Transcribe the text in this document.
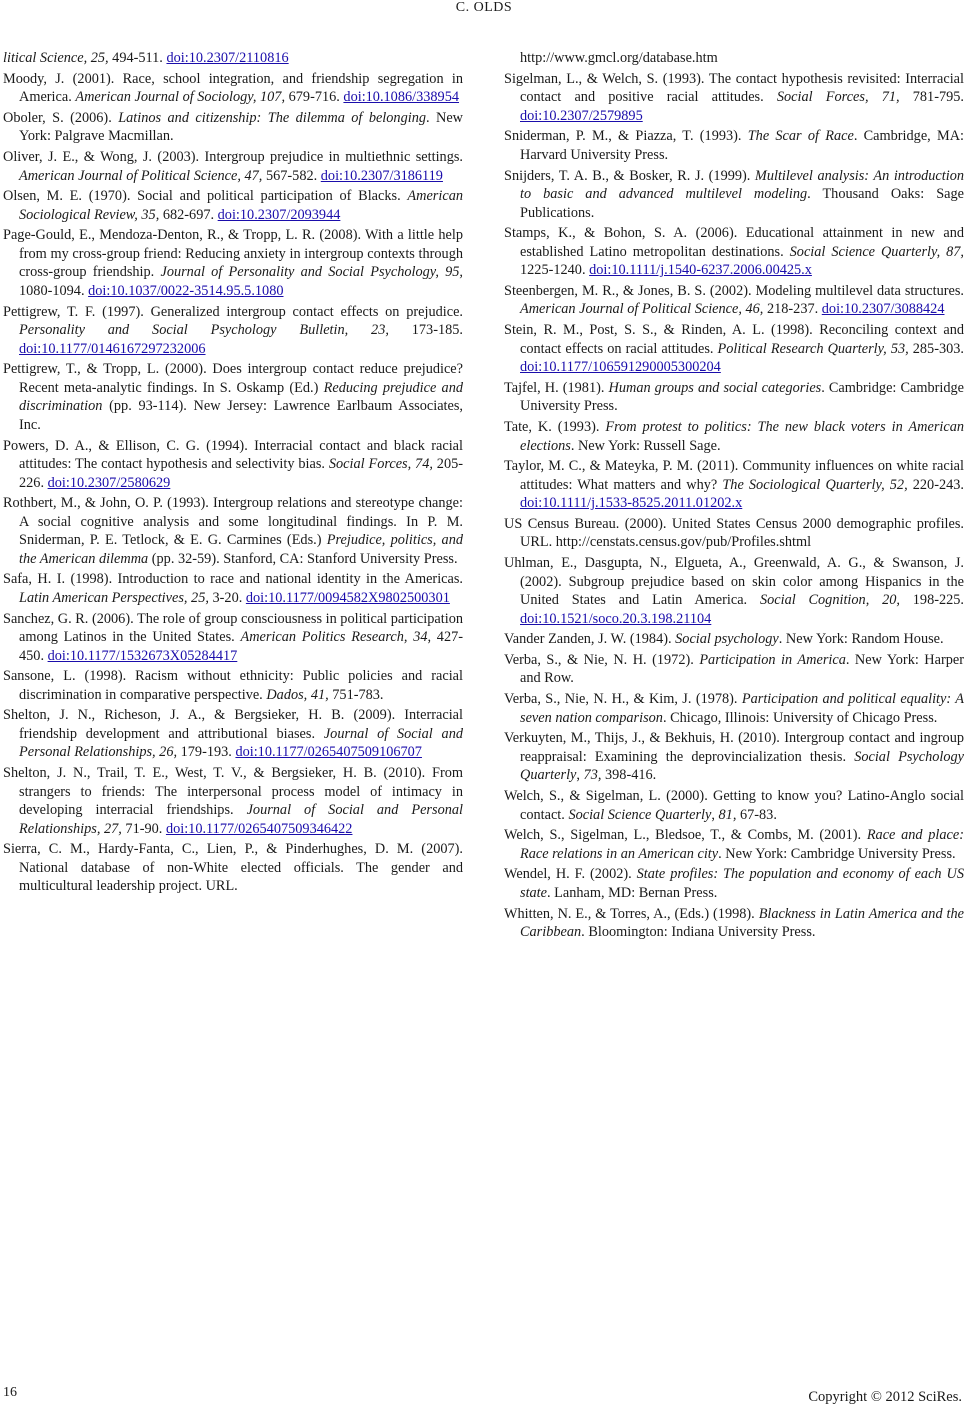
C. OLDS
litical Science, 25, 494-511. doi:10.2307/2110816
Moody, J. (2001). Race, school integration, and friendship segregation in America. American Journal of Sociology, 107, 679-716. doi:10.1086/338954
Oboler, S. (2006). Latinos and citizenship: The dilemma of belonging. New York: Palgrave Macmillan.
Oliver, J. E., & Wong, J. (2003). Intergroup prejudice in multiethnic settings. American Journal of Political Science, 47, 567-582. doi:10.2307/3186119
Olsen, M. E. (1970). Social and political participation of Blacks. American Sociological Review, 35, 682-697. doi:10.2307/2093944
Page-Gould, E., Mendoza-Denton, R., & Tropp, L. R. (2008). With a little help from my cross-group friend: Reducing anxiety in intergroup contexts through cross-group friendship. Journal of Personality and Social Psychology, 95, 1080-1094. doi:10.1037/0022-3514.95.5.1080
Pettigrew, T. F. (1997). Generalized intergroup contact effects on prejudice. Personality and Social Psychology Bulletin, 23, 173-185. doi:10.1177/0146167297232006
Pettigrew, T., & Tropp, L. (2000). Does intergroup contact reduce prejudice? Recent meta-analytic findings. In S. Oskamp (Ed.) Reducing prejudice and discrimination (pp. 93-114). New Jersey: Lawrence Earlbaum Associates, Inc.
Powers, D. A., & Ellison, C. G. (1994). Interracial contact and black racial attitudes: The contact hypothesis and selectivity bias. Social Forces, 74, 205-226. doi:10.2307/2580629
Rothbert, M., & John, O. P. (1993). Intergroup relations and stereotype change: A social cognitive analysis and some longitudinal findings. In P. M. Sniderman, P. E. Tetlock, & E. G. Carmines (Eds.) Prejudice, politics, and the American dilemma (pp. 32-59). Stanford, CA: Stanford University Press.
Safa, H. I. (1998). Introduction to race and national identity in the Americas. Latin American Perspectives, 25, 3-20. doi:10.1177/0094582X9802500301
Sanchez, G. R. (2006). The role of group consciousness in political participation among Latinos in the United States. American Politics Research, 34, 427-450. doi:10.1177/1532673X05284417
Sansone, L. (1998). Racism without ethnicity: Public policies and racial discrimination in comparative perspective. Dados, 41, 751-783.
Shelton, J. N., Richeson, J. A., & Bergsieker, H. B. (2009). Interracial friendship development and attributional biases. Journal of Social and Personal Relationships, 26, 179-193. doi:10.1177/0265407509106707
Shelton, J. N., Trail, T. E., West, T. V., & Bergsieker, H. B. (2010). From strangers to friends: The interpersonal process model of intimacy in developing interracial friendships. Journal of Social and Personal Relationships, 27, 71-90. doi:10.1177/0265407509346422
Sierra, C. M., Hardy-Fanta, C., Lien, P., & Pinderhughes, D. M. (2007). National database of non-White elected officials. The gender and multicultural leadership project. URL.
http://www.gmcl.org/database.htm
Sigelman, L., & Welch, S. (1993). The contact hypothesis revisited: Interracial contact and positive racial attitudes. Social Forces, 71, 781-795. doi:10.2307/2579895
Sniderman, P. M., & Piazza, T. (1993). The Scar of Race. Cambridge, MA: Harvard University Press.
Snijders, T. A. B., & Bosker, R. J. (1999). Multilevel analysis: An introduction to basic and advanced multilevel modeling. Thousand Oaks: Sage Publications.
Stamps, K., & Bohon, S. A. (2006). Educational attainment in new and established Latino metropolitan destinations. Social Science Quarterly, 87, 1225-1240. doi:10.1111/j.1540-6237.2006.00425.x
Steenbergen, M. R., & Jones, B. S. (2002). Modeling multilevel data structures. American Journal of Political Science, 46, 218-237. doi:10.2307/3088424
Stein, R. M., Post, S. S., & Rinden, A. L. (1998). Reconciling context and contact effects on racial attitudes. Political Research Quarterly, 53, 285-303. doi:10.1177/106591290005300204
Tajfel, H. (1981). Human groups and social categories. Cambridge: Cambridge University Press.
Tate, K. (1993). From protest to politics: The new black voters in American elections. New York: Russell Sage.
Taylor, M. C., & Mateyka, P. M. (2011). Community influences on white racial attitudes: What matters and why? The Sociological Quarterly, 52, 220-243. doi:10.1111/j.1533-8525.2011.01202.x
US Census Bureau. (2000). United States Census 2000 demographic profiles. URL. http://censtats.census.gov/pub/Profiles.shtml
Uhlman, E., Dasgupta, N., Elgueta, A., Greenwald, A. G., & Swanson, J. (2002). Subgroup prejudice based on skin color among Hispanics in the United States and Latin America. Social Cognition, 20, 198-225. doi:10.1521/soco.20.3.198.21104
Vander Zanden, J. W. (1984). Social psychology. New York: Random House.
Verba, S., & Nie, N. H. (1972). Participation in America. New York: Harper and Row.
Verba, S., Nie, N. H., & Kim, J. (1978). Participation and political equality: A seven nation comparison. Chicago, Illinois: University of Chicago Press.
Verkuyten, M., Thijs, J., & Bekhuis, H. (2010). Intergroup contact and ingroup reappraisal: Examining the deprovincialization thesis. Social Psychology Quarterly, 73, 398-416.
Welch, S., & Sigelman, L. (2000). Getting to know you? Latino-Anglo social contact. Social Science Quarterly, 81, 67-83.
Welch, S., Sigelman, L., Bledsoe, T., & Combs, M. (2001). Race and place: Race relations in an American city. New York: Cambridge University Press.
Wendel, H. F. (2002). State profiles: The population and economy of each US state. Lanham, MD: Bernan Press.
Whitten, N. E., & Torres, A., (Eds.) (1998). Blackness in Latin America and the Caribbean. Bloomington: Indiana University Press.
16	Copyright © 2012 SciRes.
